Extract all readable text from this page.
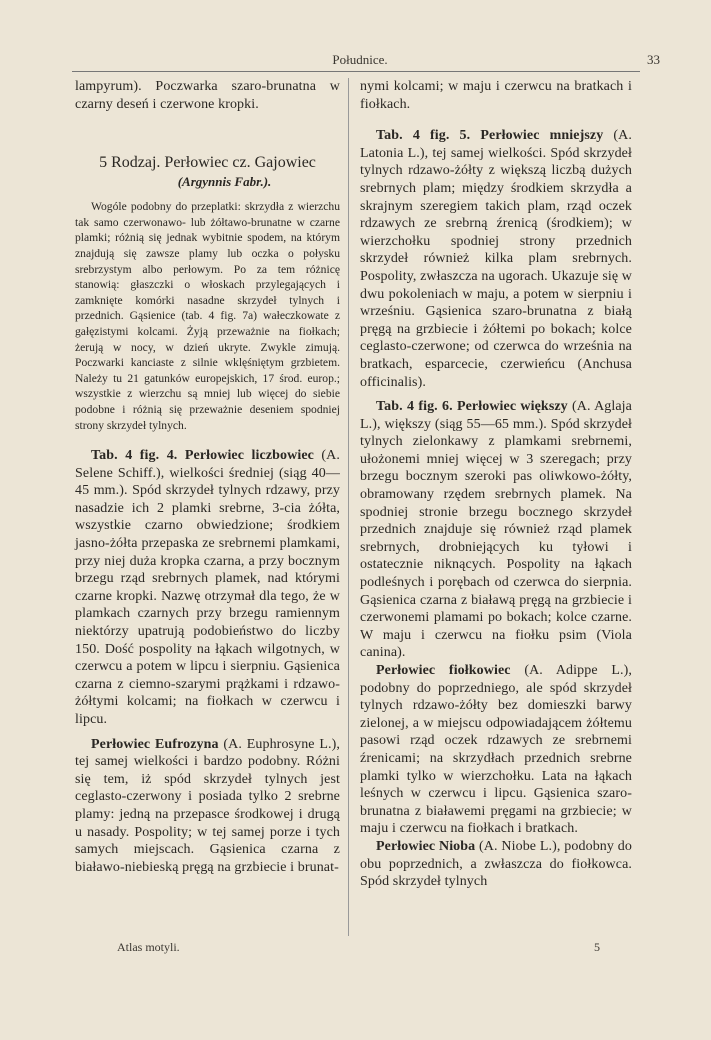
Południce.	33

lampyrum). Poczwarka szaro-brunatna w czarny deseń i czerwone kropki.

5 Rodzaj. Perłowiec cz. Gajowiec
(Argynnis Fabr.).

Wogóle podobny do przeplatki: skrzydła z wierzchu tak samo czerwonawo- lub żółtawo-brunatne w czarne plamki; różnią się jednak wybitnie spodem, na którym znajdują się zawsze plamy lub oczka o połysku srebrzystym albo perłowym. Po za tem różnicę stanowią: głaszczki o włoskach przylegających i zamknięte komórki nasadne skrzydeł tylnych i przednich. Gąsienice (tab. 4 fig. 7a) wałeczkowate z gałęzistymi kolcami. Żyją przeważnie na fiołkach; żerują w nocy, w dzień ukryte. Zwykle zimują. Poczwarki kanciaste z silnie wklęśniętym grzbietem. Należy tu 21 gatunków europejskich, 17 środ. europ.; wszystkie z wierzchu są mniej lub więcej do siebie podobne i różnią się przeważnie deseniem spodniej strony skrzydeł tylnych.

Tab. 4 fig. 4. Perłowiec liczbowiec (A. Selene Schiff.), wielkości średniej (siąg 40—45 mm.). Spód skrzydeł tylnych rdzawy, przy nasadzie ich 2 plamki srebrne, 3-cia żółta, wszystkie czarno obwiedzione; środkiem jasno-żółta przepaska ze srebrnemi plamkami, przy niej duża kropka czarna, a przy bocznym brzegu rząd srebrnych plamek, nad którymi czarne kropki. Nazwę otrzymał dla tego, że w plamkach czarnych przy brzegu ramiennym niektórzy upatrują podobieństwo do liczby 150. Dość pospolity na łąkach wilgotnych, w czerwcu a potem w lipcu i sierpniu. Gąsienica czarna z ciemno-szarymi prążkami i rdzawo-żółtymi kolcami; na fiołkach w czerwcu i lipcu.

Perłowiec Eufrozyna (A. Euphrosyne L.), tej samej wielkości i bardzo podobny. Różni się tem, iż spód skrzydeł tylnych jest ceglasto-czerwony i posiada tylko 2 srebrne plamy: jedną na przepasce środkowej i drugą u nasady. Pospolity; w tej samej porze i tych samych miejscach. Gąsienica czarna z białawo-niebieską pręgą na grzbiecie i brunat-

nymi kolcami; w maju i czerwcu na bratkach i fiołkach.

Tab. 4 fig. 5. Perłowiec mniejszy (A. Latonia L.), tej samej wielkości. Spód skrzydeł tylnych rdzawo-żółty z większą liczbą dużych srebrnych plam; między środkiem skrzydła a skrajnym szeregiem takich plam, rząd oczek rdzawych ze srebrną źrenicą (środkiem); w wierzchołku spodniej strony przednich skrzydeł również kilka plam srebrnych. Pospolity, zwłaszcza na ugorach. Ukazuje się w dwu pokoleniach w maju, a potem w sierpniu i wrześniu. Gąsienica szaro-brunatna z białą pręgą na grzbiecie i żółtemi po bokach; kolce ceglasto-czerwone; od czerwca do września na bratkach, esparcecie, czerwieńcu (Anchusa officinalis).

Tab. 4 fig. 6. Perłowiec większy (A. Aglaja L.), większy (siąg 55—65 mm.). Spód skrzydeł tylnych zielonkawy z plamkami srebrnemi, ułożonemi mniej więcej w 3 szeregach; przy brzegu bocznym szeroki pas oliwkowo-żółty, obramowany rzędem srebrnych plamek. Na spodniej stronie brzegu bocznego skrzydeł przednich znajduje się również rząd plamek srebrnych, drobniejących ku tyłowi i ostatecznie niknących. Pospolity na łąkach podleśnych i porębach od czerwca do sierpnia. Gąsienica czarna z białawą pręgą na grzbiecie i czerwonemi plamami po bokach; kolce czarne. W maju i czerwcu na fiołku psim (Viola canina).

Perłowiec fiołkowiec (A. Adippe L.), podobny do poprzedniego, ale spód skrzydeł tylnych rdzawo-żółty bez domieszki barwy zielonej, a w miejscu odpowiadającem żółtemu pasowi rząd oczek rdzawych ze srebrnemi źrenicami; na skrzydłach przednich srebrne plamki tylko w wierzchołku. Lata na łąkach leśnych w czerwcu i lipcu. Gąsienica szaro-brunatna z białawemi pręgami na grzbiecie; w maju i czerwcu na fiołkach i bratkach.

Perłowiec Nioba (A. Niobe L.), podobny do obu poprzednich, a zwłaszcza do fiołkowca. Spód skrzydeł tylnych

Atlas motyli.	5
